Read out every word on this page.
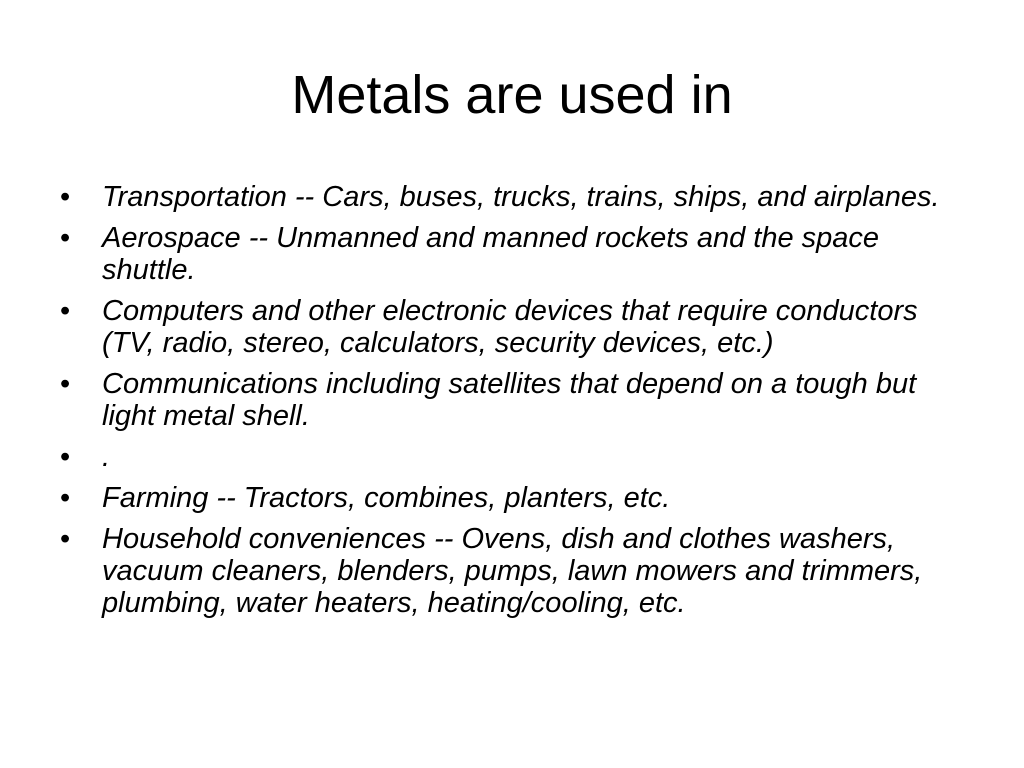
Metals are used in
• Transportation -- Cars, buses, trucks, trains, ships, and airplanes.
• Aerospace -- Unmanned and manned rockets and the space shuttle.
• Computers and other electronic devices that require conductors (TV, radio, stereo, calculators, security devices, etc.)
• Communications including satellites that depend on a tough but light metal shell.
• .
• Farming -- Tractors, combines, planters, etc.
• Household conveniences -- Ovens, dish and clothes washers, vacuum cleaners, blenders, pumps, lawn mowers and trimmers, plumbing, water heaters, heating/cooling, etc.
